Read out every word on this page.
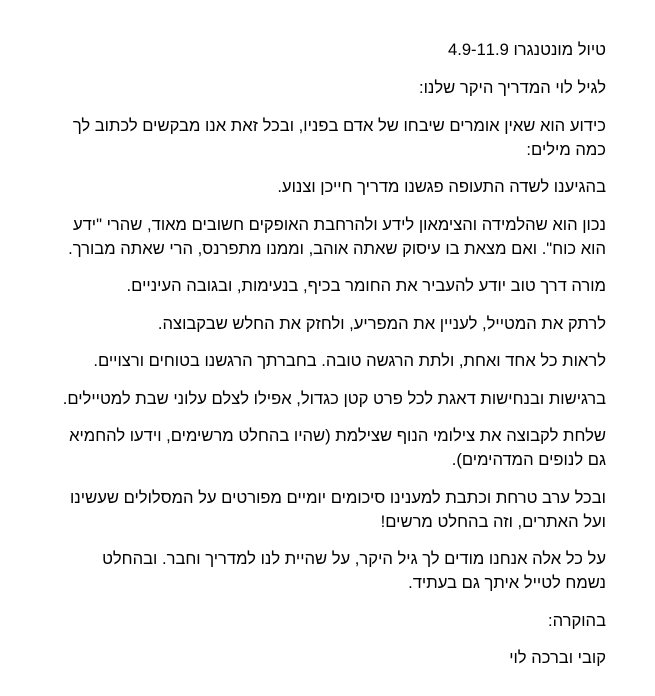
טיול מונטנגרו 4.9-11.9

לגיל לוי המדריך היקר שלנו:

כידוע הוא שאין אומרים שיבחו של אדם בפניו, ובכל זאת אנו מבקשים לכתוב לך כמה מילים:

בהגיענו לשדה התעופה פגשנו מדריך חייכן וצנוע.

נכון הוא שהלמידה והצימאון לידע ולהרחבת האופקים חשובים מאוד, שהרי "ידע הוא כוח". ואם מצאת בו עיסוק שאתה אוהב, וממנו מתפרנס, הרי שאתה מבורך.

מורה דרך טוב יודע להעביר את החומר בכיף, בנעימות, ובגובה העיניים.

לרתק את המטייל, לעניין את המפריע, ולחזק את החלש שבקבוצה.

לראות כל אחד ואחת, ולתת הרגשה טובה. בחברתך הרגשנו בטוחים ורצויים.

ברגישות ובנחישות דאגת לכל פרט קטן כגדול, אפילו לצלם עלוני שבת למטיילים.

שלחת לקבוצה את צילומי הנוף שצילמת (שהיו בהחלט מרשימים, וידעו להחמיא גם לנופים המדהימים).

ובכל ערב טרחת וכתבת למענינו סיכומים יומיים מפורטים על המסלולים שעשינו ועל האתרים, וזה בהחלט מרשים!

על כל אלה אנחנו מודים לך גיל היקר, על שהיית לנו למדריך וחבר. ובהחלט נשמח לטייל איתך גם בעתיד.

בהוקרה:

קובי וברכה לוי
